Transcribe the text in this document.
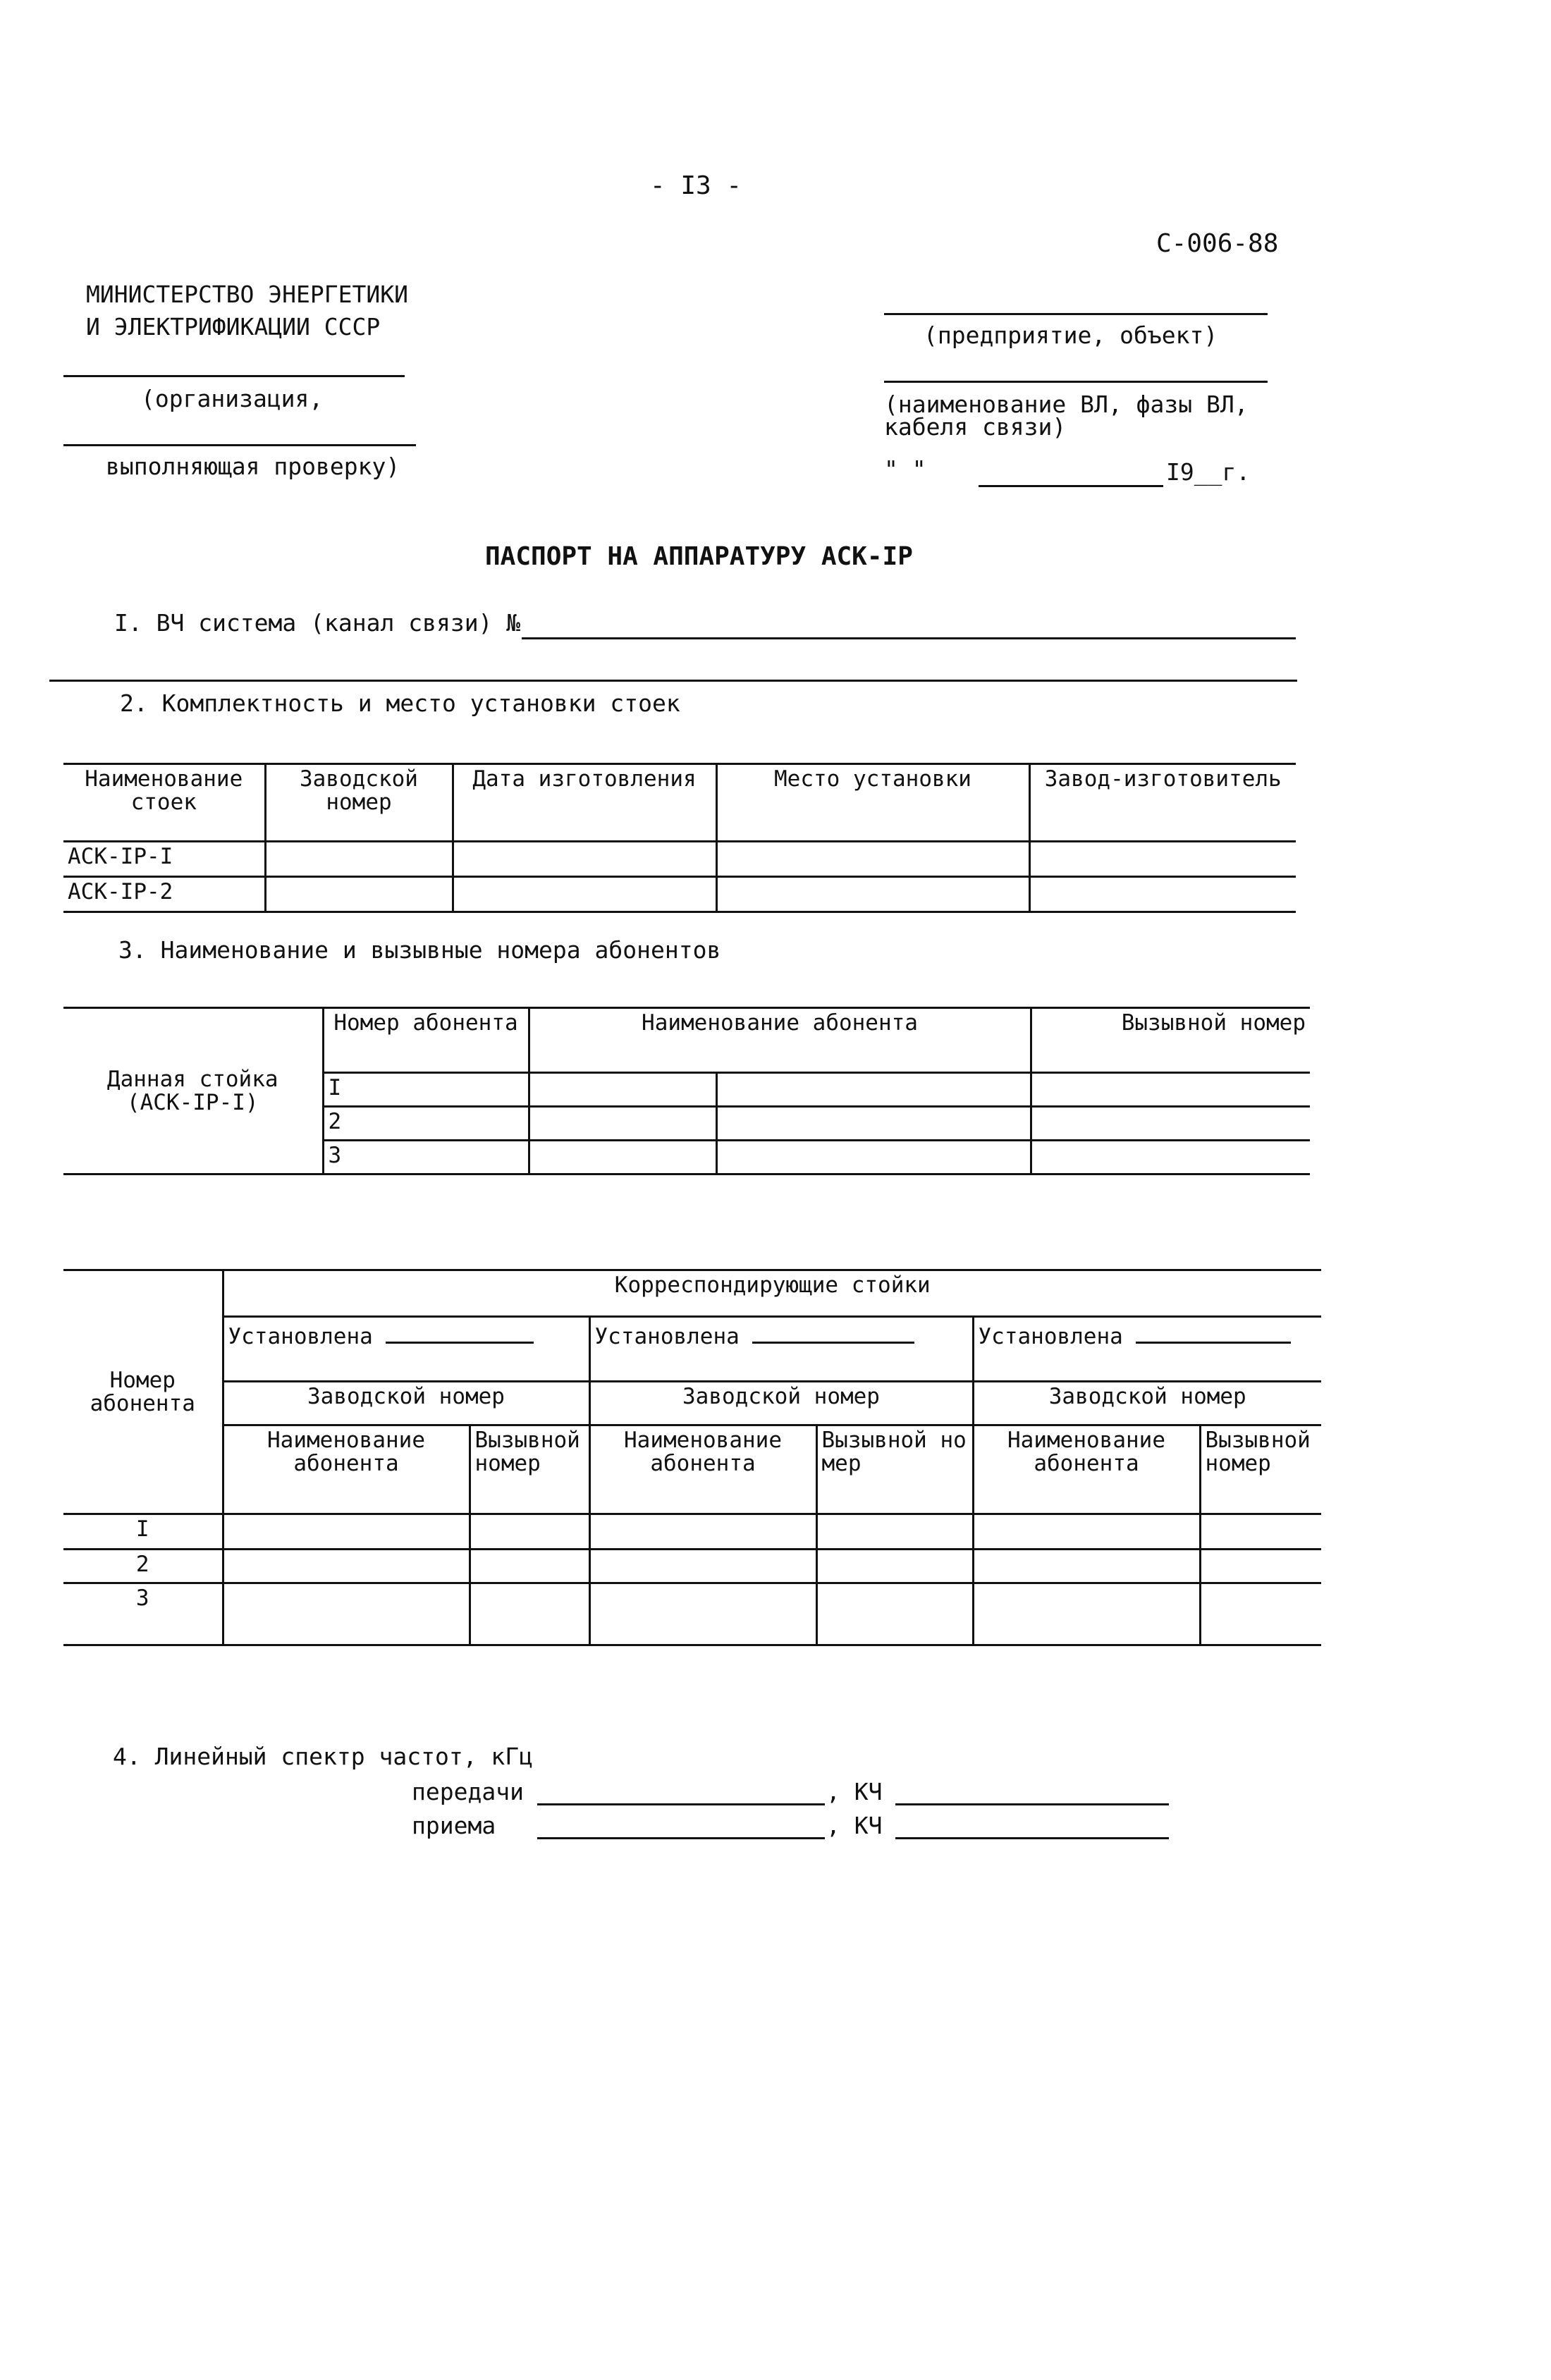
- I3 -
С-006-88
МИНИСТЕРСТВО ЭНЕРГЕТИКИ
И ЭЛЕКТРИФИКАЦИИ СССР
(организация,
выполняющая проверку)
(предприятие, объект)
(наименование ВЛ, фазы ВЛ,
кабеля связи)
" "	I9__г.
ПАСПОРТ НА АППАРАТУРУ АСК-IP
I. ВЧ система (канал связи) №
2. Комплектность и место установки стоек
Наименование стоек	Заводской номер	Дата изготовления	Место установки	Завод-изготовитель
АСК-IP-I				
АСК-IP-2				
3. Наименование и вызывные номера абонентов
Данная стойка
(АСК-IP-I)	Номер абонента	Наименование абонента		Вызывной номер
	I			
	2			
	3			
Номер абонента	Корреспондирующие стойки					
	Установлена		Установлена		Установлена	
	Заводской номер		Заводской номер		Заводской номер	
	Наименование абонента	Вызывной номер	Наименование абонента	Вызывной номер	Наименование абонента	Вызывной номер
I						
2						
3						
4. Линейный спектр частот, кГц
передачи	, КЧ
приема	, КЧ
